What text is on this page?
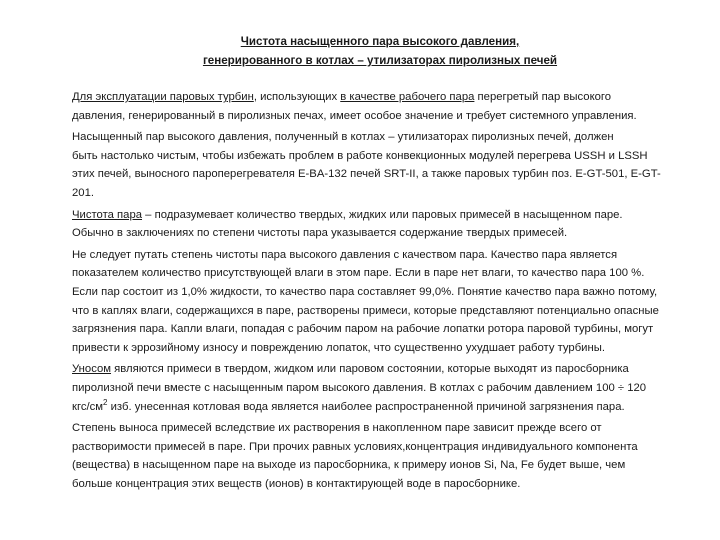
Чистота насыщенного пара высокого давления,
генерированного в котлах – утилизаторах пиролизных печей

Для эксплуатации паровых турбин, использующих в качестве рабочего пара перегретый пар высокого
давления, генерированный в пиролизных печах, имеет особое значение и требует системного управления.

Насыщенный пар высокого давления, полученный в котлах – утилизаторах пиролизных печей, должен
быть настолько чистым, чтобы избежать проблем в работе конвекционных модулей перегрева USSH и LSSH
этих печей, выносного пароперегревателя E-BA-132 печей SRT-II, а также паровых турбин поз. E-GT-501, E-GT-
201.

Чистота пара – подразумевает количество твердых, жидких или паровых примесей в насыщенном паре.
Обычно в заключениях по степени чистоты пара указывается содержание твердых примесей.

Не следует путать степень чистоты пара высокого давления с качеством пара. Качество пара является
показателем количество присутствующей влаги в этом паре. Если в паре нет влаги, то качество пара 100 %.
Если пар состоит из 1,0% жидкости, то качество пара составляет 99,0%. Понятие качество пара важно потому,
что в каплях влаги, содержащихся в паре, растворены примеси, которые представляют потенциально опасные
загрязнения пара. Капли влаги, попадая с рабочим паром на рабочие лопатки ротора паровой турбины, могут
привести к эррозийному износу и повреждению лопаток, что существенно ухудшает работу турбины.

Уносом являются примеси в твердом, жидком или паровом состоянии, которые выходят из паросборника
пиролизной печи вместе с насыщенным паром высокого давления. В котлах с рабочим давлением 100 ÷ 120
кгс/$см^2$ изб. унесенная котловая вода является наиболее распространенной причиной загрязнения пара.

Степень выноса примесей вследствие их растворения в накопленном паре зависит прежде всего от
растворимости примесей в паре. При прочих равных условиях,концентрация индивидуального компонента
(вещества) в насыщенном паре на выходе из паросборника, к примеру ионов Si, Na, Fe будет выше, чем
больше концентрация этих веществ (ионов) в контактирующей воде в паросборнике.
